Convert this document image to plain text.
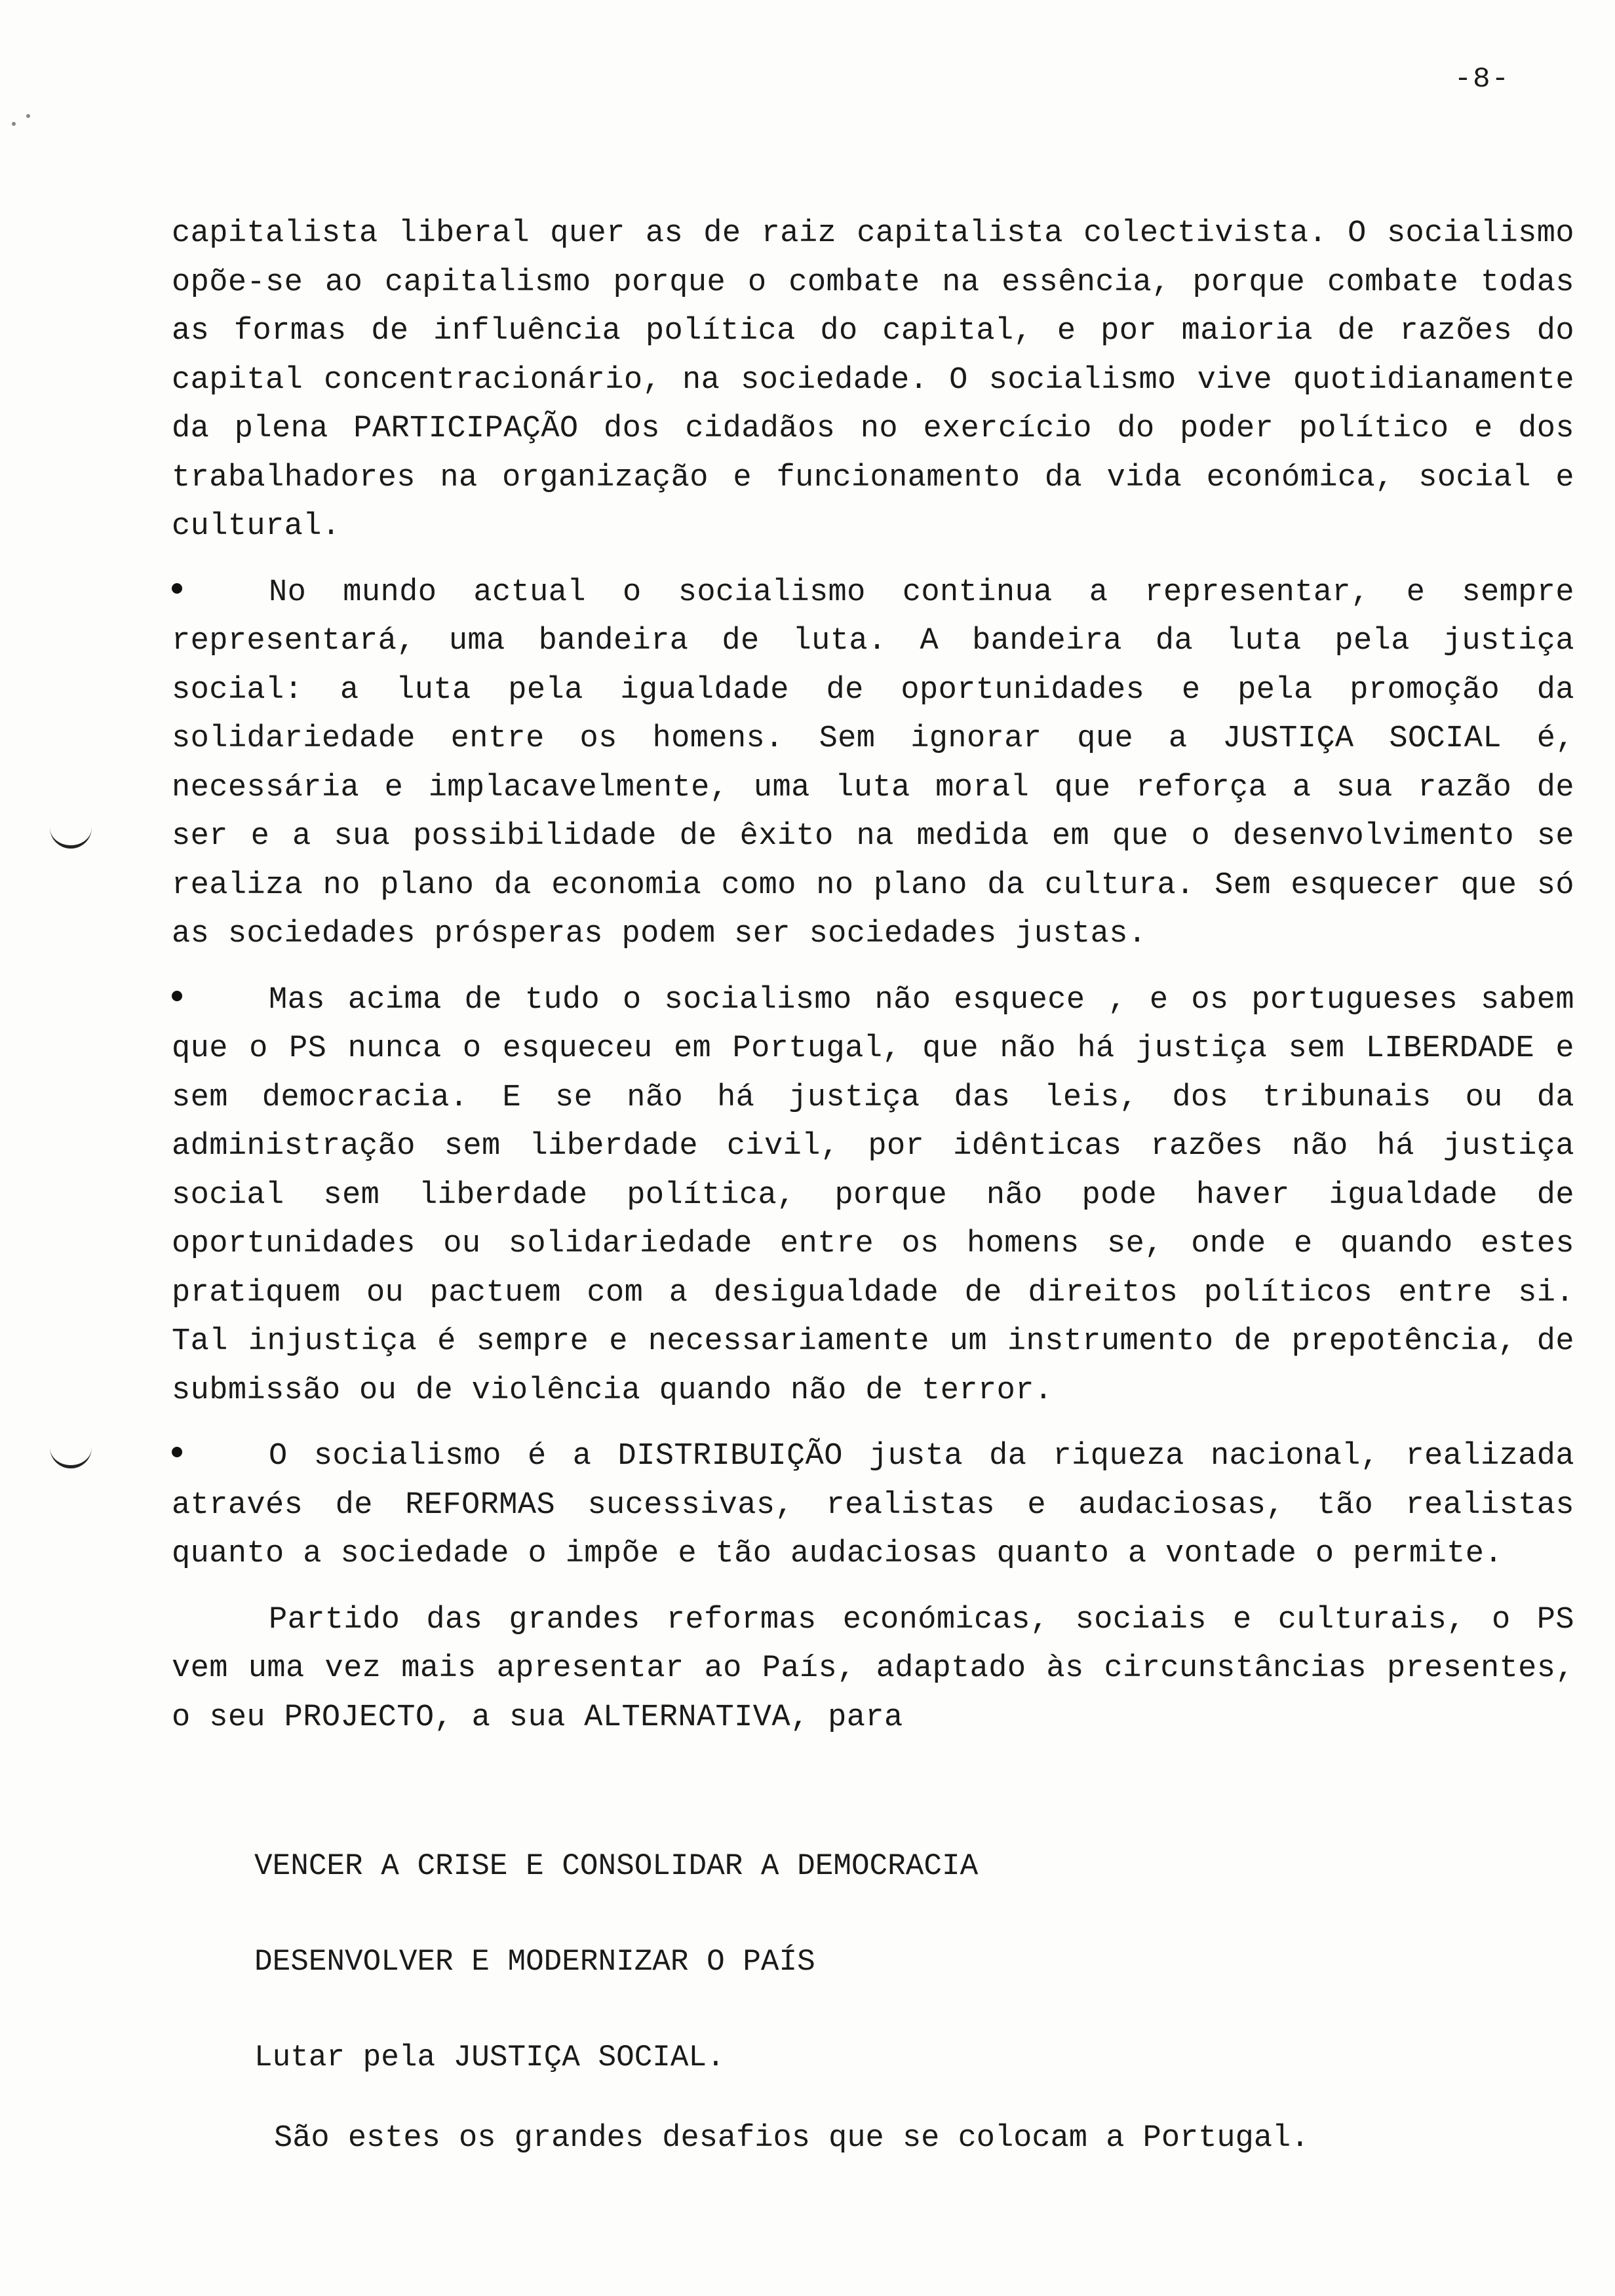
-8-

capitalista liberal quer as de raiz capitalista colectivista. O socialismo opõe-se ao capitalismo porque o combate na essência, porque combate todas as formas de influência política do capital, e por maioria de razões do capital concentracionário, na sociedade. O socialismo vive quotidianamente da plena PARTICIPAÇÃO dos cidadãos no exercício do poder político e dos trabalhadores na organização e funcionamento da vida económica, social e cultural.

No mundo actual o socialismo continua a representar, e sempre representará, uma bandeira de luta. A bandeira da luta pela justiça social: a luta pela igualdade de oportunidades e pela promoção da solidariedade entre os homens. Sem ignorar que a JUSTIÇA SOCIAL é, necessária e implacavelmente, uma luta moral que reforça a sua razão de ser e a sua possibilidade de êxito na medida em que o desenvolvimento se realiza no plano da economia como no plano da cultura. Sem esquecer que só as sociedades prósperas podem ser sociedades justas.

Mas acima de tudo o socialismo não esquece , e os portugueses sabem que o PS nunca o esqueceu em Portugal, que não há justiça sem LIBERDADE e sem democracia. E se não há justiça das leis, dos tribunais ou da administração sem liberdade civil, por idênticas razões não há justiça social sem liberdade política, porque não pode haver igualdade de oportunidades ou solidariedade entre os homens se, onde e quando estes pratiquem ou pactuem com a desigualdade de direitos políticos entre si. Tal injustiça é sempre e necessariamente um instrumento de prepotência, de submissão ou de violência quando não de terror.

O socialismo é a DISTRIBUIÇÃO justa da riqueza nacional, realizada através de REFORMAS sucessivas, realistas e audaciosas, tão realistas quanto a sociedade o impõe e tão audaciosas quanto a vontade o permite.

Partido das grandes reformas económicas, sociais e culturais, o PS vem uma vez mais apresentar ao País, adaptado às circunstâncias presentes, o seu PROJECTO, a sua ALTERNATIVA, para

VENCER A CRISE E CONSOLIDAR A DEMOCRACIA

DESENVOLVER E MODERNIZAR O PAÍS

Lutar pela JUSTIÇA SOCIAL.

São estes os grandes desafios que se colocam a Portugal.
